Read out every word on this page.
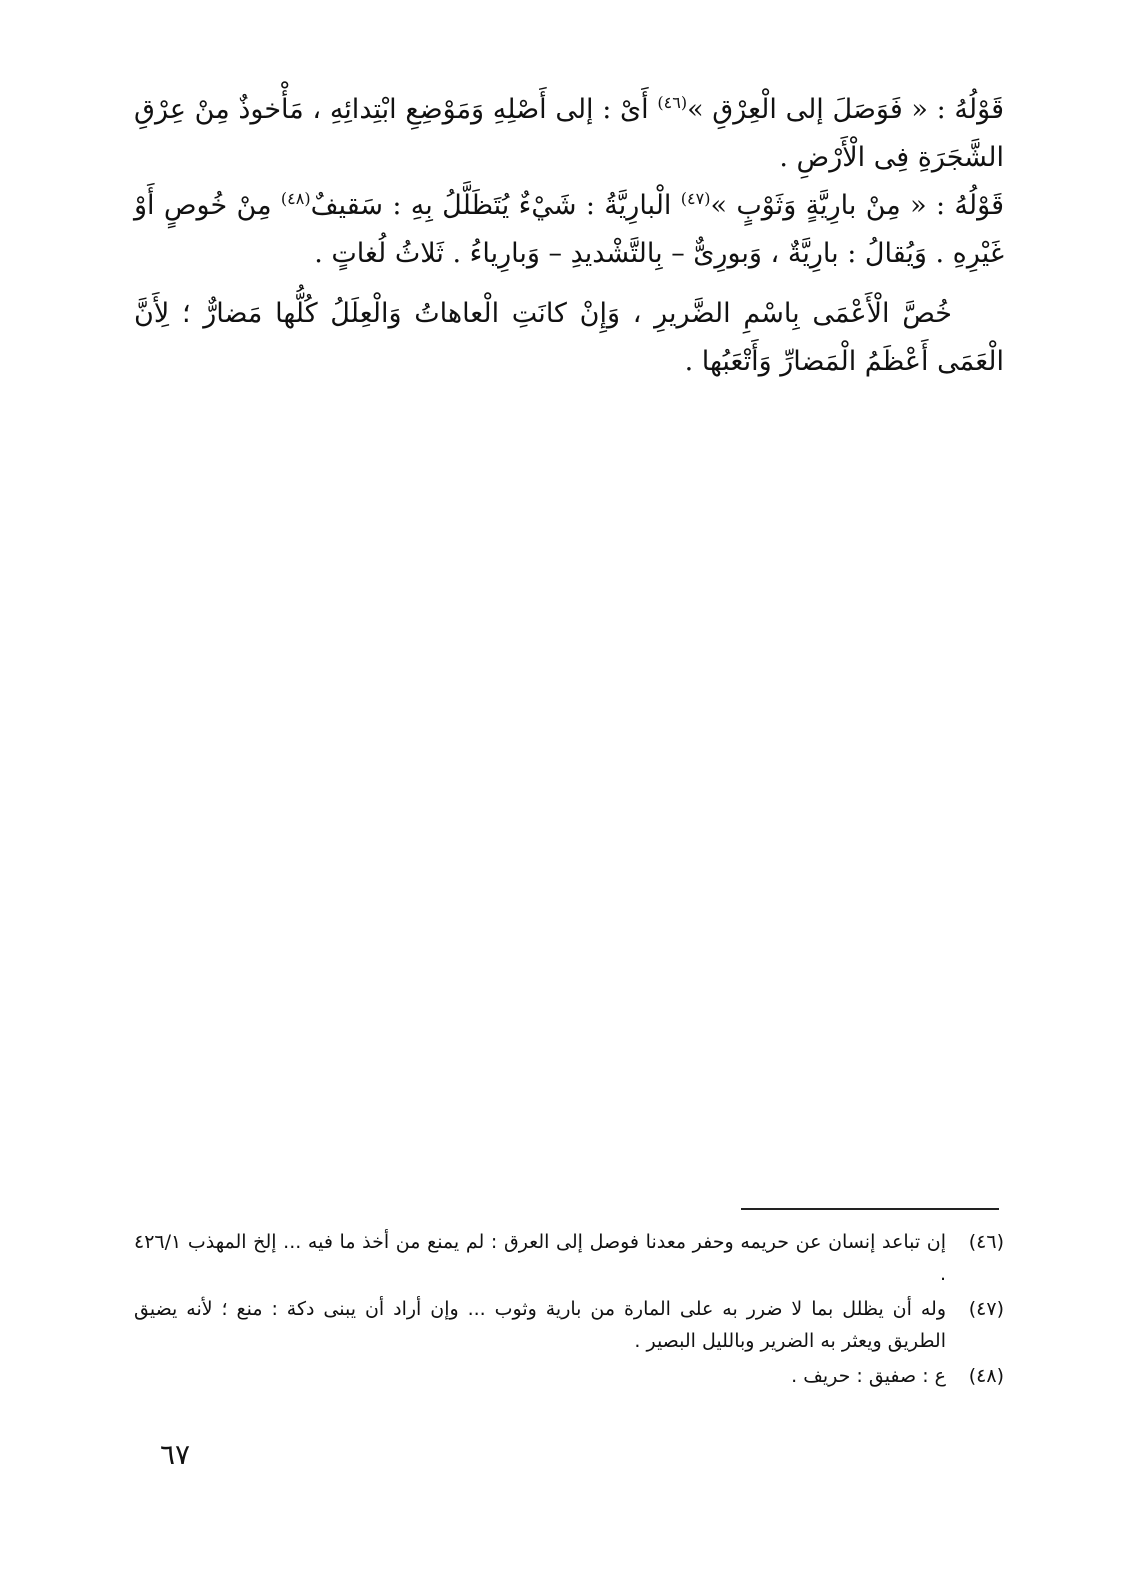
قَوْلُهُ : « فَوَصَلَ إلى الْعِرْقِ »$^{(٤٦)}$ أَىْ : إلى أَصْلِهِ وَمَوْضِعِ ابْتِدائِهِ ، مَأْخوذٌ مِنْ عِرْقِ الشَّجَرَةِ فِى الْأَرْضِ .

قَوْلُهُ : « مِنْ بارِيَّةٍ وَثَوْبٍ »$^{(٤٧)}$ الْبارِيَّةُ : شَيْءٌ يُتَظَلَّلُ بِهِ : سَقيفٌ$^{(٤٨)}$ مِنْ خُوصٍ أَوْ غَيْرِهِ . وَيُقالُ : بارِيَّةٌ ، وَبورِىٌّ – بِالتَّشْديدِ – وَبارِياءُ . ثَلاثُ لُغاتٍ .

خُصَّ الْأَعْمَى بِاسْمِ الضَّريرِ ، وَإِنْ كانَتِ الْعاهاتُ وَالْعِلَلُ كُلُّها مَضارٌّ ؛ لِأَنَّ الْعَمَى أَعْظَمُ الْمَضارِّ وَأَتْعَبُها .

(٤٦)
إن تباعد إنسان عن حريمه وحفر معدنا فوصل إلى العرق : لم يمنع من أخذ ما فيه ... إلخ المهذب ٤٢٦/١ .
(٤٧)
وله أن يظلل بما لا ضرر به على المارة من بارية وثوب ... وإن أراد أن يبنى دكة : منع ؛ لأنه يضيق الطريق ويعثر به الضرير وبالليل البصير .
(٤٨)
ع : صفيق : حريف .
٦٧
